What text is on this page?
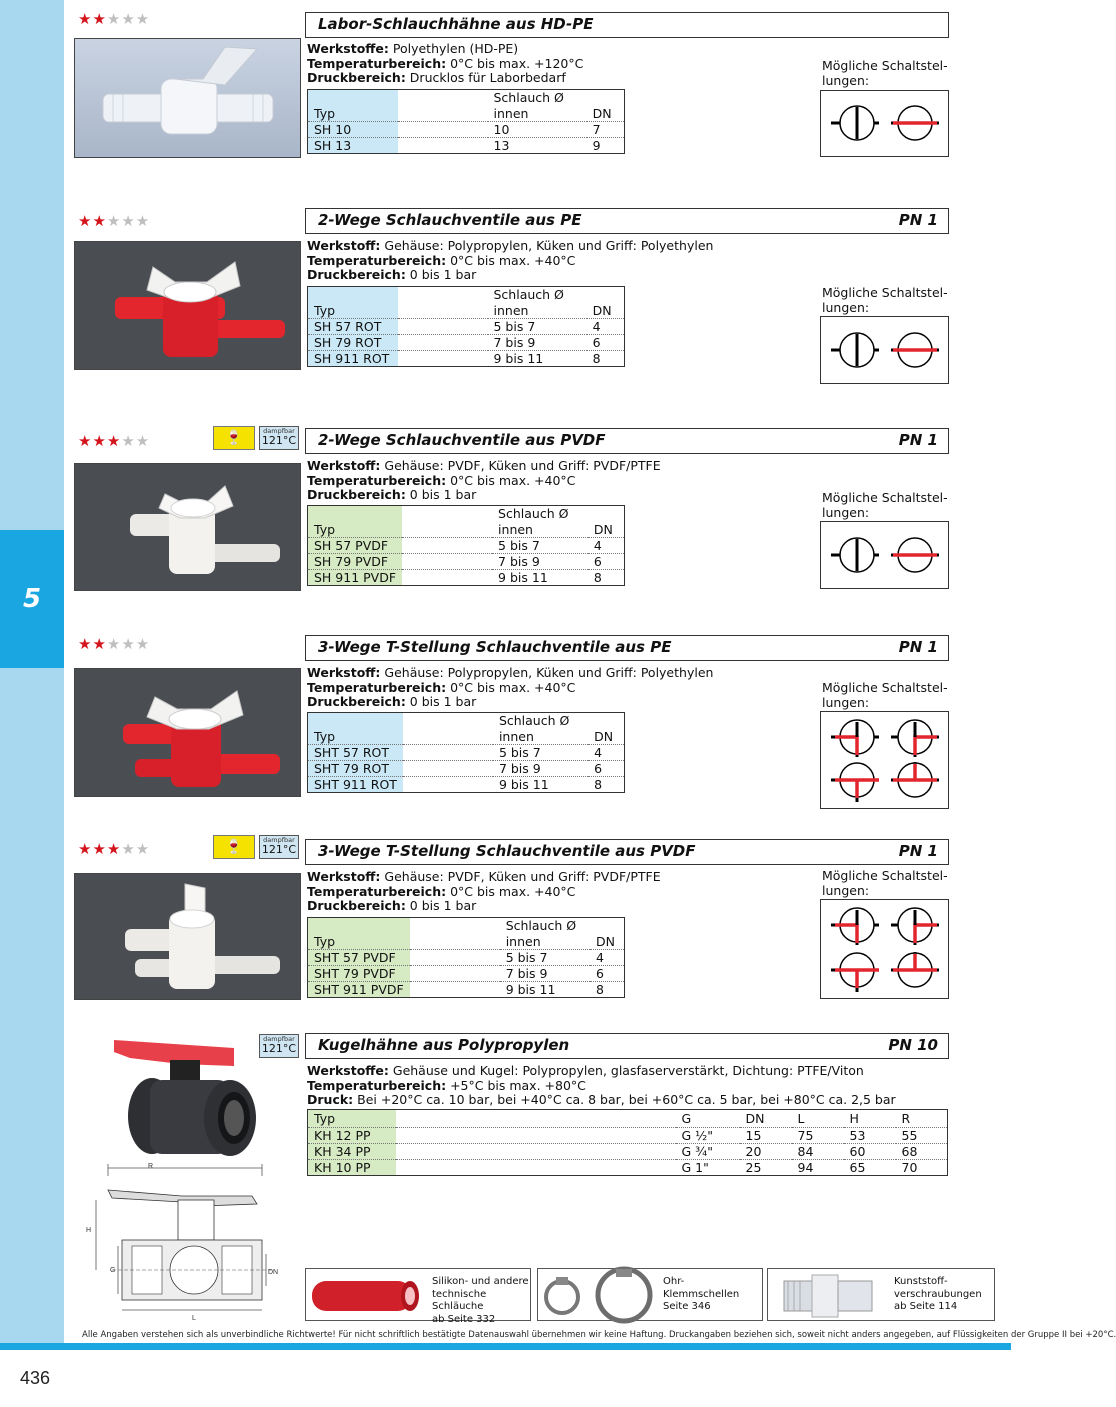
5
★★★★★	Labor-Schlauchhähne aus HD-PE
Werkstoffe: Polyethylen (HD-PE)
Temperaturbereich: 0°C bis max. +120°C
Druckbereich: Drucklos für Laborbedarf
		Schlauch Ø	
Typ		innen	DN
SH 10		10	7
SH 13		13	9
Mögliche Schaltstel-
lungen:
★★★★★	2-Wege Schlauchventile aus PE	PN 1
Werkstoff: Gehäuse: Polypropylen, Küken und Griff: Polyethylen
Temperaturbereich: 0°C bis max. +40°C
Druckbereich: 0 bis 1 bar
		Schlauch Ø	
Typ		innen	DN
SH 57 ROT		5 bis 7	4
SH 79 ROT		7 bis 9	6
SH 911 ROT		9 bis 11	8
Mögliche Schaltstel-
lungen:
★★★★★	🍷	dampfbar
121°C 2-Wege Schlauchventile aus PVDF	PN 1
Werkstoff: Gehäuse: PVDF, Küken und Griff: PVDF/PTFE
Temperaturbereich: 0°C bis max. +40°C
Druckbereich: 0 bis 1 bar
		Schlauch Ø	
Typ		innen	DN
SH 57 PVDF		5 bis 7	4
SH 79 PVDF		7 bis 9	6
SH 911 PVDF		9 bis 11	8
Mögliche Schaltstel-
lungen:
★★★★★	3-Wege T-Stellung Schlauchventile aus PE	PN 1
Werkstoff: Gehäuse: Polypropylen, Küken und Griff: Polyethylen
Temperaturbereich: 0°C bis max. +40°C
Druckbereich: 0 bis 1 bar
		Schlauch Ø	
Typ		innen	DN
SHT 57 ROT		5 bis 7	4
SHT 79 ROT		7 bis 9	6
SHT 911 ROT		9 bis 11	8
Mögliche Schaltstel-
lungen:
★★★★★	🍷	dampfbar
121°C 3-Wege T-Stellung Schlauchventile aus PVDF	PN 1
Werkstoff: Gehäuse: PVDF, Küken und Griff: PVDF/PTFE
Temperaturbereich: 0°C bis max. +40°C
Druckbereich: 0 bis 1 bar
		Schlauch Ø	
Typ		innen	DN
SHT 57 PVDF		5 bis 7	4
SHT 79 PVDF		7 bis 9	6
SHT 911 PVDF		9 bis 11	8
Mögliche Schaltstel-
lungen:
dampfbar
121°C Kugelhähne aus Polypropylen	PN 10
R
H
G	DN
L
Werkstoffe: Gehäuse und Kugel: Polypropylen, glasfaserverstärkt, Dichtung: PTFE/Viton
Temperaturbereich: +5°C bis max. +80°C
Druck: Bei +20°C ca. 10 bar, bei +40°C ca. 8 bar, bei +60°C ca. 5 bar, bei +80°C ca. 2,5 bar
Typ		G	DN	L	H	R
KH 12 PP		G ½"	15	75	53	55
KH 34 PP		G ¾"	20	84	60	68
KH 10 PP		G 1"	25	94	65	70
Silikon- und andere
technische Schläuche
ab Seite 332
Ohr-
Klemmschellen
Seite 346
Kunststoff-
verschraubungen
ab Seite 114
Alle Angaben verstehen sich als unverbindliche Richtwerte! Für nicht schriftlich bestätigte Datenauswahl übernehmen wir keine Haftung. Druckangaben beziehen sich, soweit nicht anders angegeben, auf Flüssigkeiten der Gruppe II bei +20°C.
436
